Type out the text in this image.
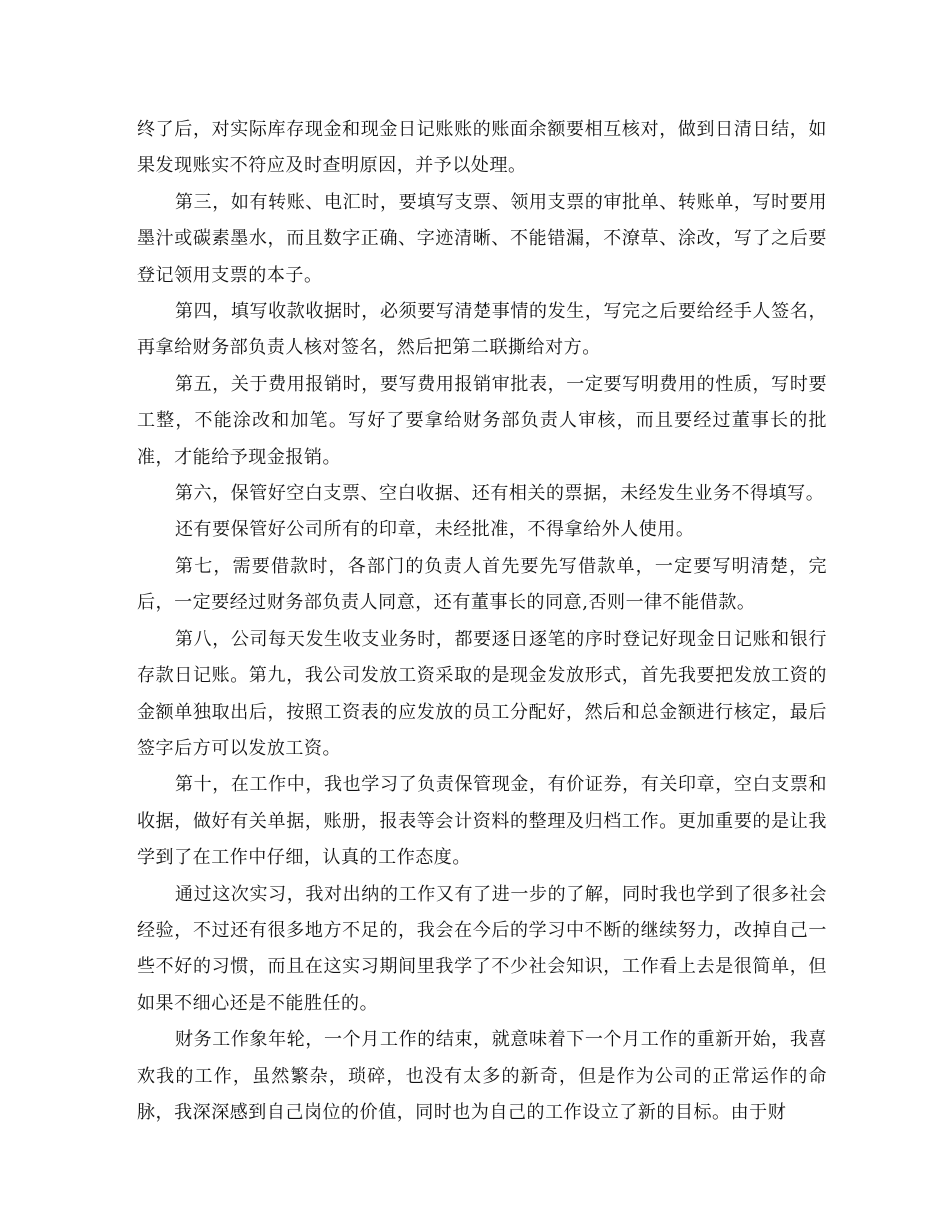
终了后，对实际库存现金和现金日记账账的账面余额要相互核对，做到日清日结，如果发现账实不符应及时查明原因，并予以处理。

第三，如有转账、电汇时，要填写支票、领用支票的审批单、转账单，写时要用墨汁或碳素墨水，而且数字正确、字迹清晰、不能错漏，不潦草、涂改，写了之后要登记领用支票的本子。

第四，填写收款收据时，必须要写清楚事情的发生，写完之后要给经手人签名，再拿给财务部负责人核对签名，然后把第二联撕给对方。

第五，关于费用报销时，要写费用报销审批表，一定要写明费用的性质，写时要工整，不能涂改和加笔。写好了要拿给财务部负责人审核，而且要经过董事长的批准，才能给予现金报销。

第六，保管好空白支票、空白收据、还有相关的票据，未经发生业务不得填写。

还有要保管好公司所有的印章，未经批准，不得拿给外人使用。

第七，需要借款时，各部门的负责人首先要先写借款单，一定要写明清楚，完后，一定要经过财务部负责人同意，还有董事长的同意,否则一律不能借款。

第八，公司每天发生收支业务时，都要逐日逐笔的序时登记好现金日记账和银行存款日记账。第九，我公司发放工资采取的是现金发放形式，首先我要把发放工资的金额单独取出后，按照工资表的应发放的员工分配好，然后和总金额进行核定，最后签字后方可以发放工资。

第十，在工作中，我也学习了负责保管现金，有价证券，有关印章，空白支票和收据，做好有关单据，账册，报表等会计资料的整理及归档工作。更加重要的是让我学到了在工作中仔细，认真的工作态度。

通过这次实习，我对出纳的工作又有了进一步的了解，同时我也学到了很多社会经验，不过还有很多地方不足的，我会在今后的学习中不断的继续努力，改掉自己一些不好的习惯，而且在这实习期间里我学了不少社会知识，工作看上去是很简单，但如果不细心还是不能胜任的。

财务工作象年轮，一个月工作的结束，就意味着下一个月工作的重新开始，我喜欢我的工作，虽然繁杂，琐碎，也没有太多的新奇，但是作为公司的正常运作的命脉，我深深感到自己岗位的价值，同时也为自己的工作设立了新的目标。由于财
